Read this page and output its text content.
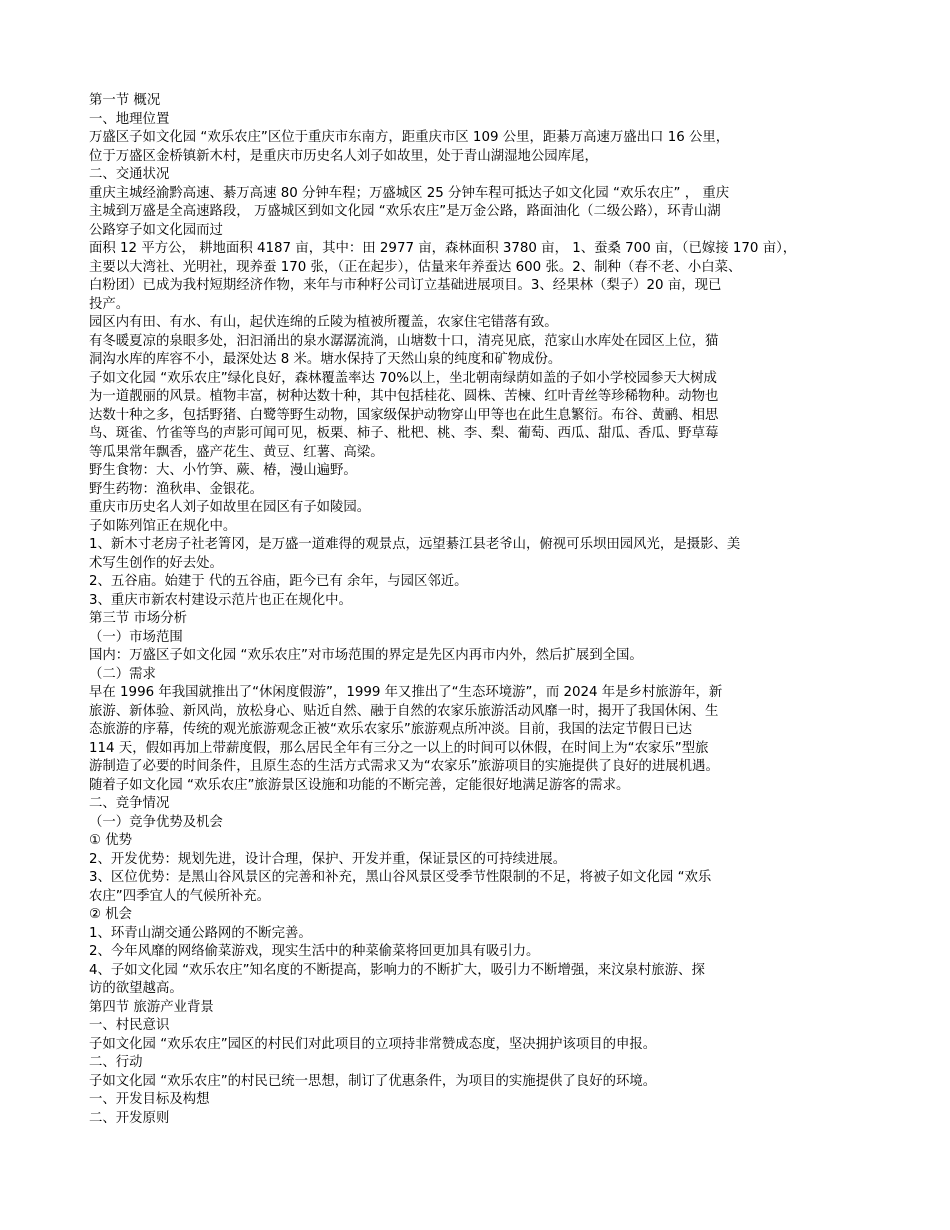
第一节 概况
一、地理位置
万盛区子如文化园 “欢乐农庄”区位于重庆市东南方，距重庆市区 109 公里，距綦万高速万盛出口 16 公里，
位于万盛区金桥镇新木村，是重庆市历史名人刘子如故里，处于青山湖湿地公园库尾，
二、交通状况
重庆主城经渝黔高速、綦万高速 80 分钟车程；万盛城区 25 分钟车程可抵达子如文化园 “欢乐农庄” ， 重庆
主城到万盛是全高速路段， 万盛城区到如文化园 “欢乐农庄”是万金公路，路面油化（二级公路），环青山湖
公路穿子如文化园而过
面积 12 平方公， 耕地面积 4187 亩，其中：田 2977 亩，森林面积 3780 亩， 1、蚕桑 700 亩，（已嫁接 170 亩），
主要以大湾社、光明社，现养蚕 170 张，（正在起步），估量来年养蚕达 600 张。2、制种（春不老、小白菜、
白粉团）已成为我村短期经济作物，来年与市种籽公司订立基础进展项目。3、经果林（梨子）20 亩，现已
投产。
园区内有田、有水、有山，起伏连绵的丘陵为植被所覆盖，农家住宅错落有致。
有冬暖夏凉的泉眼多处，汩汩涌出的泉水潺潺流淌，山塘数十口，清亮见底，范家山水库处在园区上位，猫
洞沟水库的库容不小，最深处达 8 米。塘水保持了天然山泉的纯度和矿物成份。
子如文化园 “欢乐农庄”绿化良好，森林覆盖率达 70%以上，坐北朝南绿荫如盖的子如小学校园参天大树成
为一道靓丽的风景。植物丰富，树种达数十种，其中包括桂花、圆株、苦楝、红叶青丝等珍稀物种。动物也
达数十种之多，包括野猪、白鹭等野生动物，国家级保护动物穿山甲等也在此生息繁衍。布谷、黄鹂、相思
鸟、斑雀、竹雀等鸟的声影可闻可见，板栗、柿子、枇杷、桃、李、梨、葡萄、西瓜、甜瓜、香瓜、野草莓
等瓜果常年飘香，盛产花生、黄豆、红薯、高梁。
野生食物：大、小竹笋、蕨、椿，漫山遍野。
野生药物：渔秋串、金银花。
重庆市历史名人刘子如故里在园区有子如陵园。
子如陈列馆正在规化中。
1、新木寸老房子社老箐冈，是万盛一道难得的观景点，远望綦江县老爷山，俯视可乐坝田园风光，是摄影、美
术写生创作的好去处。
2、五谷庙。始建于 代的五谷庙，距今已有 余年，与园区邻近。
3、重庆市新农村建设示范片也正在规化中。
第三节 市场分析
（一）市场范围
国内：万盛区子如文化园 “欢乐农庄”对市场范围的界定是先区内再市内外，然后扩展到全国。
（二）需求
早在 1996 年我国就推出了“休闲度假游”，1999 年又推出了“生态环境游”，而 2024 年是乡村旅游年，新
旅游、新体验、新风尚，放松身心、贴近自然、融于自然的农家乐旅游活动风靡一时，揭开了我国休闲、生
态旅游的序幕，传统的观光旅游观念正被“欢乐农家乐”旅游观点所冲淡。目前，我国的法定节假日已达
114 天，假如再加上带薪度假，那么居民全年有三分之一以上的时间可以休假，在时间上为“农家乐”型旅
游制造了必要的时间条件，且原生态的生活方式需求又为“农家乐”旅游项目的实施提供了良好的进展机遇。
随着子如文化园 “欢乐农庄”旅游景区设施和功能的不断完善，定能很好地满足游客的需求。
二、竞争情况
（一）竞争优势及机会
① 优势
2、开发优势：规划先进，设计合理，保护、开发并重，保证景区的可持续进展。
3、区位优势：是黑山谷风景区的完善和补充，黑山谷风景区受季节性限制的不足，将被子如文化园 “欢乐
农庄”四季宜人的气候所补充。
② 机会
1、环青山湖交通公路网的不断完善。
2、今年风靡的网络偷菜游戏，现实生活中的种菜偷菜将回更加具有吸引力。
4、子如文化园 “欢乐农庄”知名度的不断提高，影响力的不断扩大，吸引力不断增强，来汶泉村旅游、探
访的欲望越高。
第四节 旅游产业背景
一、村民意识
子如文化园 “欢乐农庄”园区的村民们对此项目的立项持非常赞成态度，坚决拥护该项目的申报。
二、行动
子如文化园 “欢乐农庄”的村民已统一思想，制订了优惠条件，为项目的实施提供了良好的环境。
一、开发目标及构想
二、开发原则
